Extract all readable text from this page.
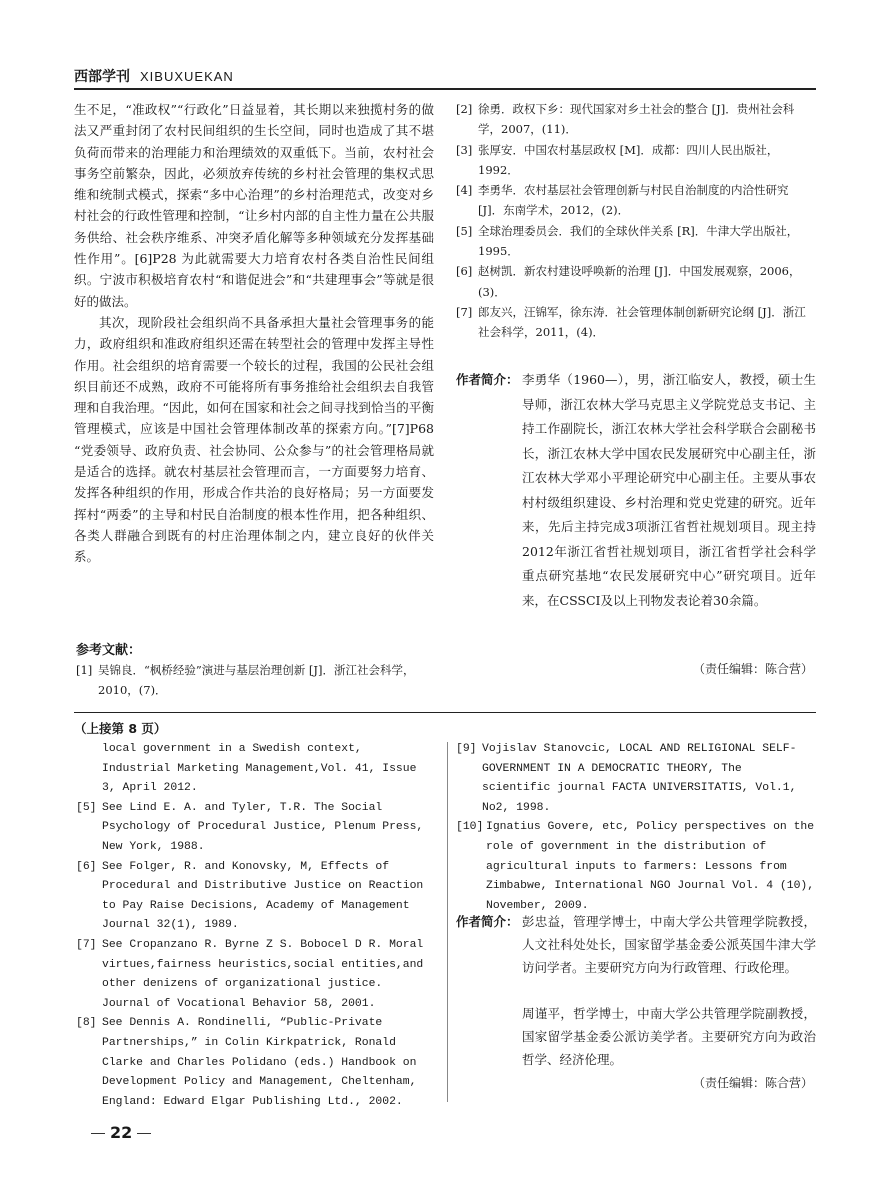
西部学刊 XIBUXUEKAN

生不足，“准政权”“行政化”日益显着，其长期以来独揽村务的做法又严重封闭了农村民间组织的生长空间，同时也造成了其不堪负荷而带来的治理能力和治理绩效的双重低下。当前，农村社会事务空前繁杂，因此，必须放弃传统的乡村社会管理的集权式思维和统制式模式，探索“多中心治理”的乡村治理范式，改变对乡村社会的行政性管理和控制，“让乡村内部的自主性力量在公共服务供给、社会秩序维系、冲突矛盾化解等多种领域充分发挥基础性作用”。[6]P28 为此就需要大力培育农村各类自治性民间组织。宁波市积极培育农村“和谐促进会”和“共建理事会”等就是很好的做法。

其次，现阶段社会组织尚不具备承担大量社会管理事务的能力，政府组织和准政府组织还需在转型社会的管理中发挥主导性作用。社会组织的培育需要一个较长的过程，我国的公民社会组织目前还不成熟，政府不可能将所有事务推给社会组织去自我管理和自我治理。“因此，如何在国家和社会之间寻找到恰当的平衡管理模式，应该是中国社会管理体制改革的探索方向。”[7]P68 “党委领导、政府负责、社会协同、公众参与”的社会管理格局就是适合的选择。就农村基层社会管理而言，一方面要努力培育、发挥各种组织的作用，形成合作共治的良好格局；另一方面要发挥村“两委”的主导和村民自治制度的根本性作用，把各种组织、各类人群融合到既有的村庄治理体制之内，建立良好的伙伴关系。

参考文献：
[1] 吴锦良．“枫桥经验”演进与基层治理创新 [J]．浙江社会科学，2010，(7)．
[2] 徐勇．政权下乡：现代国家对乡土社会的整合 [J]．贵州社会科学，2007，(11)．
[3] 张厚安．中国农村基层政权 [M]．成都：四川人民出版社，1992．
[4] 李勇华．农村基层社会管理创新与村民自治制度的内洽性研究 [J]．东南学术，2012，(2)．
[5] 全球治理委员会．我们的全球伙伴关系 [R]．牛津大学出版社，1995．
[6] 赵树凯．新农村建设呼唤新的治理 [J]．中国发展观察，2006，(3)．
[7] 郎友兴，汪锦军，徐东涛．社会管理体制创新研究论纲 [J]．浙江社会科学，2011，(4)．
作者简介： 李勇华（1960—），男，浙江临安人，教授，硕士生导师，浙江农林大学马克思主义学院党总支书记、主持工作副院长，浙江农林大学社会科学联合会副秘书长，浙江农林大学中国农民发展研究中心副主任，浙江农林大学邓小平理论研究中心副主任。主要从事农村村级组织建设、乡村治理和党史党建的研究。近年来，先后主持完成3项浙江省哲社规划项目。现主持2012年浙江省哲社规划项目，浙江省哲学社会科学重点研究基地“农民发展研究中心”研究项目。近年来，在CSSCI及以上刊物发表论着30余篇。
（责任编辑：陈合营）
（上接第 8 页）
local government in a Swedish context, Industrial Marketing Management,Vol. 41, Issue 3, April 2012.
[5] See Lind E. A. and Tyler, T.R. The Social Psychology of Procedural Justice, Plenum Press, New York, 1988.
[6] See Folger, R. and Konovsky, M, Effects of Procedural and Distributive Justice on Reaction to Pay Raise Decisions, Academy of Management Journal 32(1), 1989.
[7] See Cropanzano R. Byrne Z S. Bobocel D R. Moral virtues,fairness heuristics,social entities,and other denizens of organizational justice. Journal of Vocational Behavior 58, 2001.
[8] See Dennis A. Rondinelli, “Public-Private Partnerships,” in Colin Kirkpatrick, Ronald Clarke and Charles Polidano (eds.) Handbook on Development Policy and Management, Cheltenham, England: Edward Elgar Publishing Ltd., 2002.
[9] Vojislav Stanovcic, LOCAL AND RELIGIONAL SELF-GOVERNMENT IN A DEMOCRATIC THEORY, The scientific journal FACTA UNIVERSITATIS, Vol.1, No2, 1998.
[10] Ignatius Govere, etc, Policy perspectives on the role of government in the distribution of agricultural inputs to farmers: Lessons from Zimbabwe, International NGO Journal Vol. 4 (10), November, 2009.
作者简介： 彭忠益，管理学博士，中南大学公共管理学院教授，人文社科处处长，国家留学基金委公派英国牛津大学访问学者。主要研究方向为行政管理、行政伦理。
周谨平，哲学博士，中南大学公共管理学院副教授，国家留学基金委公派访美学者。主要研究方向为政治哲学、经济伦理。
（责任编辑：陈合营）
22
